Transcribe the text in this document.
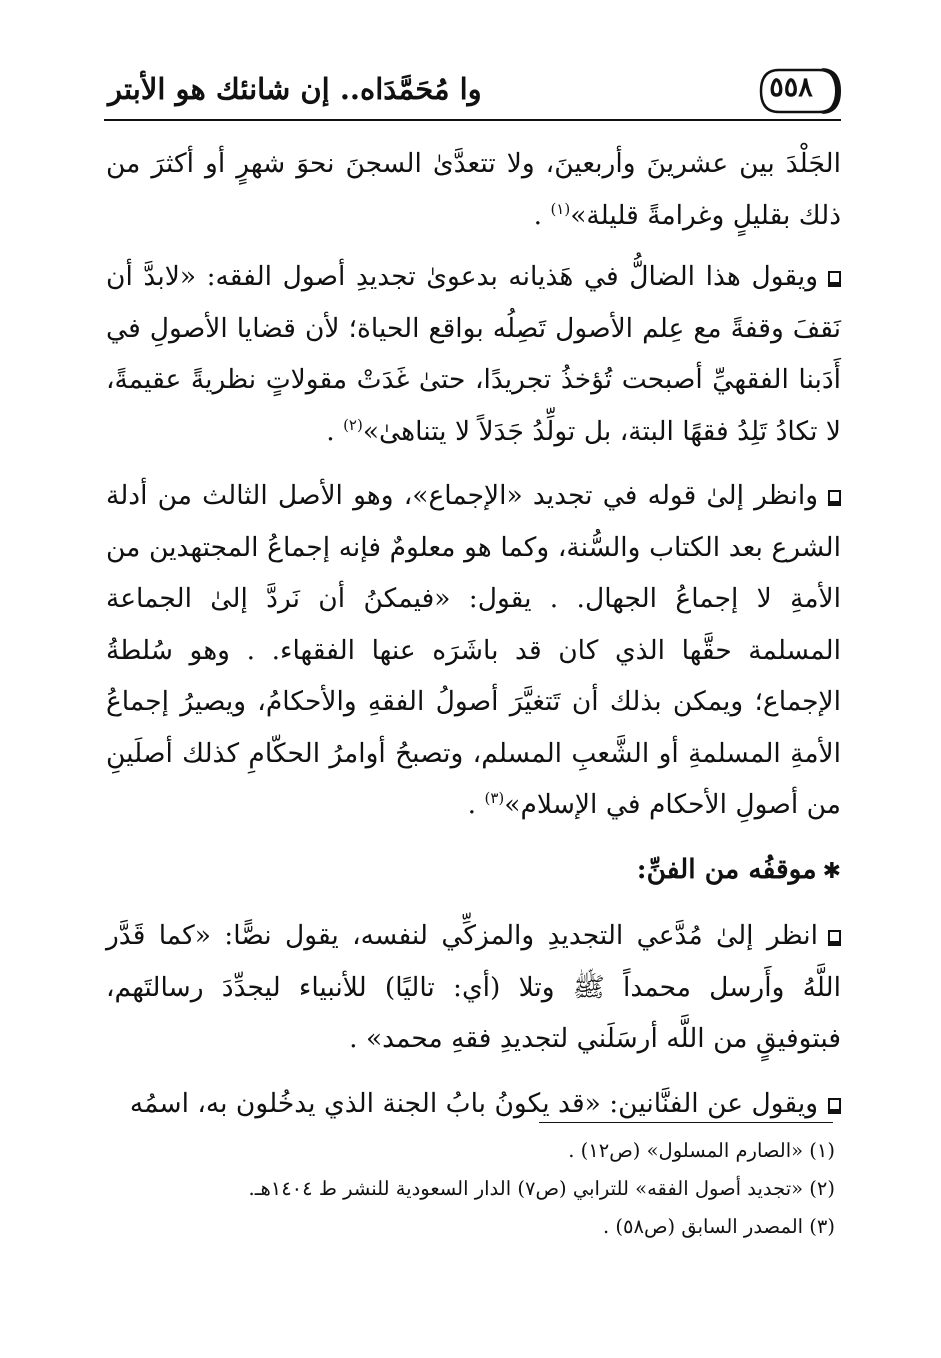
وا مُحَمَّدَاه.. إن شانئك هو الأبتر	٥٥٨

الجَلْدَ بين عشرينَ وأربعينَ، ولا تتعدَّىٰ السجنَ نحوَ شهرٍ أو أكثرَ من ذلك بقليلٍ وغرامةً قليلة»$^{(١)}$ .

ويقول هذا الضالُّ في هَذيانه بدعوىٰ تجديدِ أصول الفقه: «لابدَّ أن نَقفَ وقفةً مع عِلم الأصول تَصِلُه بواقع الحياة؛ لأن قضايا الأصولِ في أَدَبنا الفقهيِّ أصبحت تُؤخذُ تجريدًا، حتىٰ غَدَتْ مقولاتٍ نظريةً عقيمةً، لا تكادُ تَلِدُ فقهًا البتة، بل تولِّدُ جَدَلاً لا يتناهىٰ»$^{(٢)}$ .

وانظر إلىٰ قوله في تجديد «الإجماع»، وهو الأصل الثالث من أدلة الشرع بعد الكتاب والسُّنة، وكما هو معلومٌ فإنه إجماعُ المجتهدين من الأمةِ لا إجماعُ الجهال. . يقول: «فيمكنُ أن نَردَّ إلىٰ الجماعة المسلمة حقَّها الذي كان قد باشَرَه عنها الفقهاء. . وهو سُلطةُ الإجماع؛ ويمكن بذلك أن تَتغيَّرَ أصولُ الفقهِ والأحكامُ، ويصيرُ إجماعُ الأمةِ المسلمةِ أو الشَّعبِ المسلم، وتصبحُ أوامرُ الحكّامِ كذلك أصلَينِ من أصولِ الأحكام في الإسلام»$^{(٣)}$ .

✱موقفُه من الفنِّ:

انظر إلىٰ مُدَّعي التجديدِ والمزكِّي لنفسه، يقول نصًّا: «كما قَدَّر اللَّهُ وأَرسل محمداً ﷺ وتلا (أي: تاليًا) للأنبياء ليجدِّدَ رسالتَهم، فبتوفيقٍ من اللَّه أرسَلَني لتجديدِ فقهِ محمد» .

ويقول عن الفنَّانين: «قد يكونُ بابُ الجنة الذي يدخُلون به، اسمُه

(١) «الصارم المسلول» (ص١٢) .
(٢) «تجديد أصول الفقه» للترابي (ص٧) الدار السعودية للنشر ط ١٤٠٤هـ.
(٣) المصدر السابق (ص٥٨) .
